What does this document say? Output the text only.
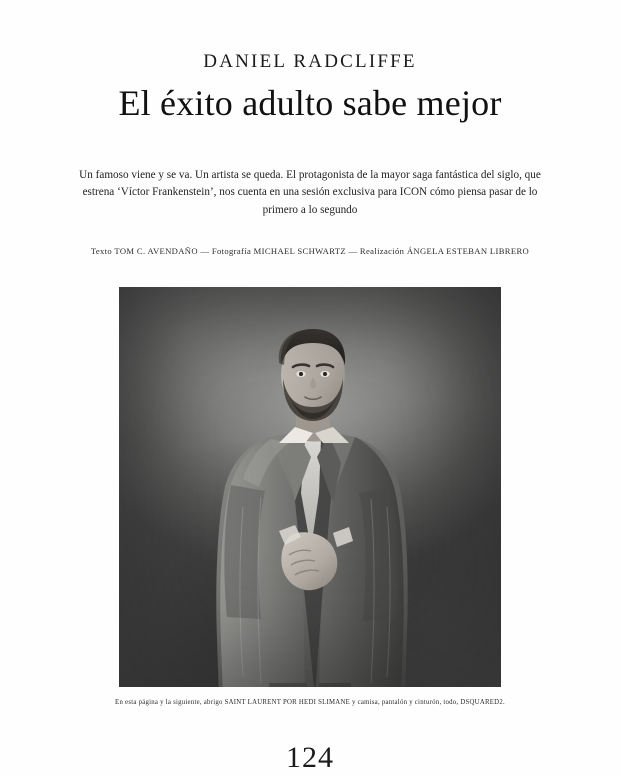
DANIEL RADCLIFFE
El éxito adulto sabe mejor

Un famoso viene y se va. Un artista se queda. El protagonista de la mayor saga fantástica del siglo, que estrena ‘Víctor Frankenstein’, nos cuenta en una sesión exclusiva para ICON cómo piensa pasar de lo primero a lo segundo

Texto TOM C. AVENDAÑO — Fotografía MICHAEL SCHWARTZ — Realización ÁNGELA ESTEBAN LIBRERO

En esta página y la siguiente, abrigo SAINT LAURENT POR HEDI SLIMANE y camisa, pantalón y cinturón, todo, DSQUARED2.

124
